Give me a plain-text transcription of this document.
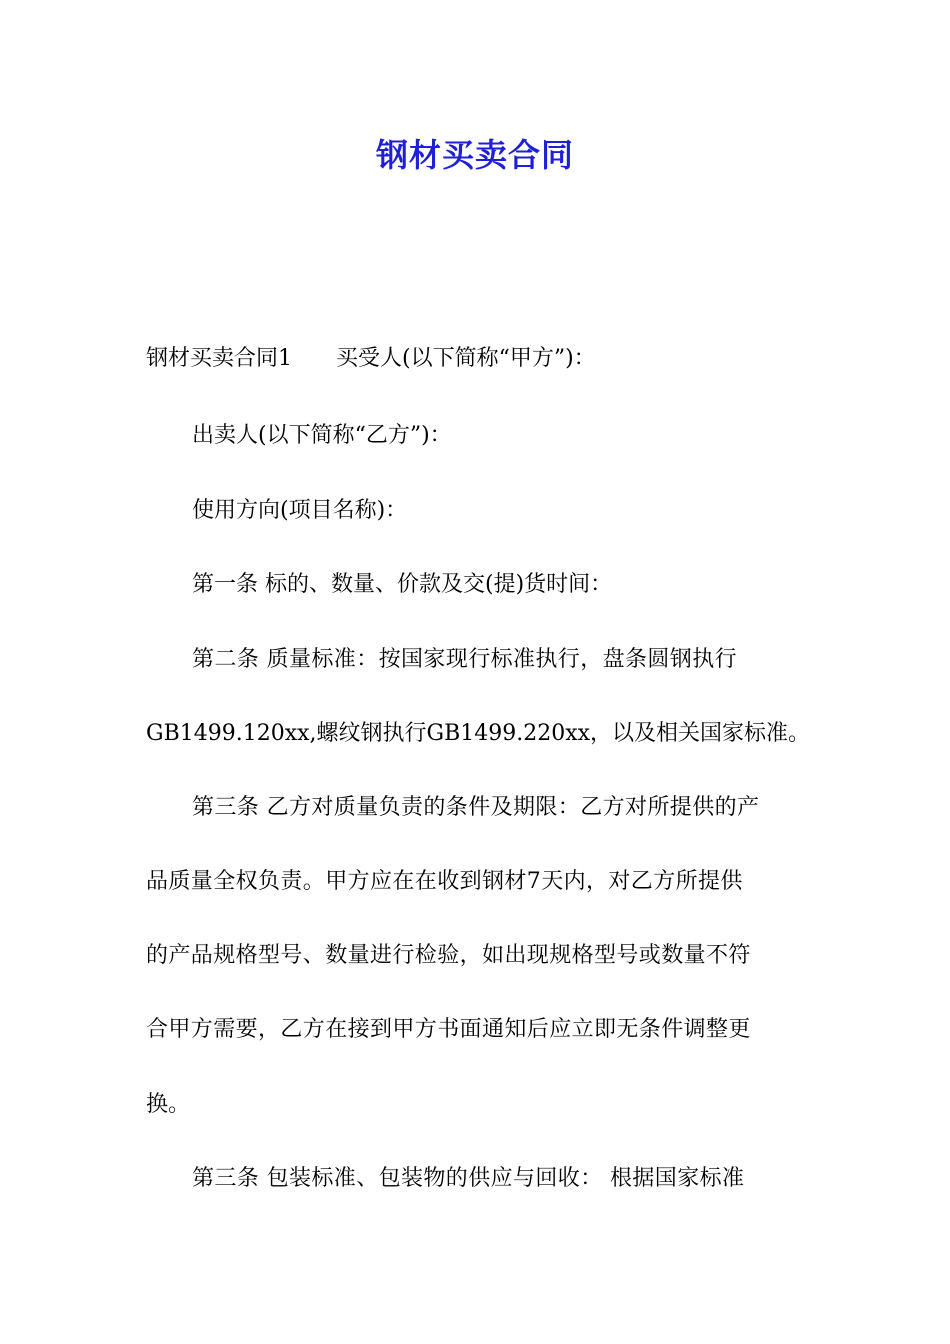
钢材买卖合同

钢材买卖合同1 买受人(以下简称“甲方”)：

出卖人(以下简称“乙方”)：

使用方向(项目名称)：

第一条 标的、数量、价款及交(提)货时间：

第二条 质量标准：按国家现行标准执行，盘条圆钢执行

GB1499.120xx,螺纹钢执行GB1499.220xx，以及相关国家标准。

第三条 乙方对质量负责的条件及期限：乙方对所提供的产

品质量全权负责。甲方应在在收到钢材7天内，对乙方所提供

的产品规格型号、数量进行检验，如出现规格型号或数量不符

合甲方需要，乙方在接到甲方书面通知后应立即无条件调整更

换。

第三条 包装标准、包装物的供应与回收： 根据国家标准
